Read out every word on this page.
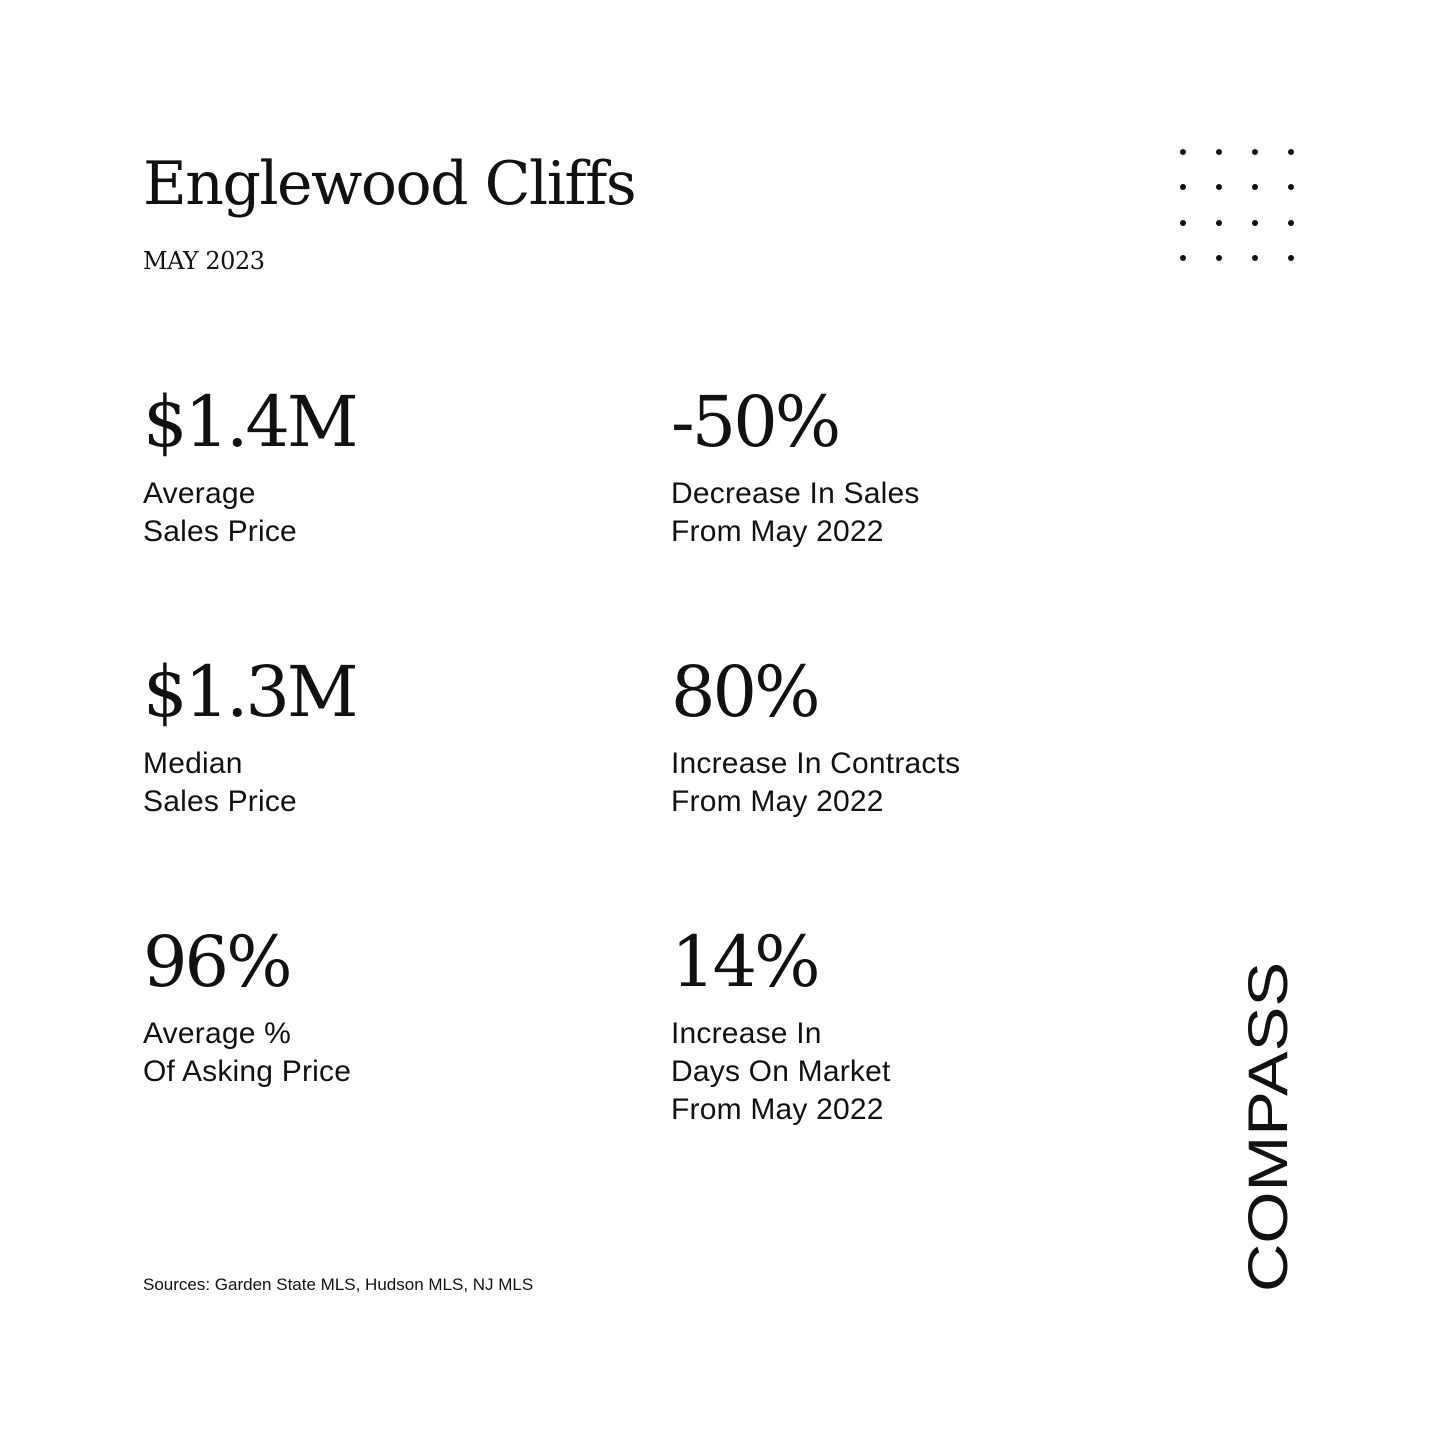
Englewood Cliffs
MAY 2023
$1.4M
Average
Sales Price
-50%
Decrease In Sales
From May 2022
$1.3M
Median
Sales Price
80%
Increase In Contracts
From May 2022
96%
Average %
Of Asking Price
14%
Increase In
Days On Market
From May 2022
Sources: Garden State MLS, Hudson MLS, NJ MLS	COMPASS
